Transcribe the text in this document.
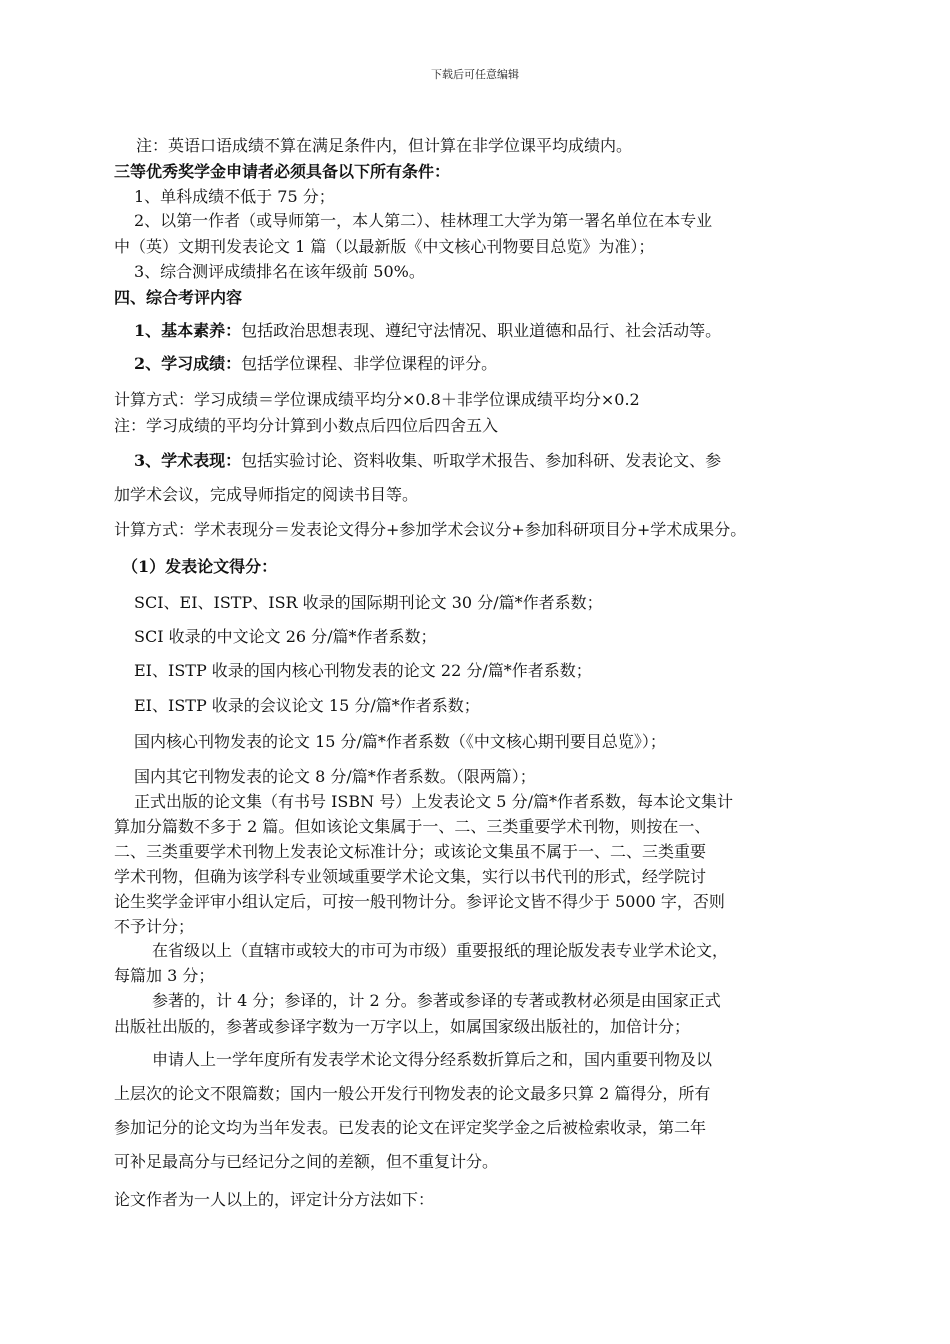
下载后可任意编辑
注：英语口语成绩不算在满足条件内，但计算在非学位课平均成绩内。
三等优秀奖学金申请者必须具备以下所有条件：
1、单科成绩不低于 75 分；
2、以第一作者（或导师第一，本人第二）、桂林理工大学为第一署名单位在本专业
中（英）文期刊发表论文 1 篇（以最新版《中文核心刊物要目总览》为准）；
3、综合测评成绩排名在该年级前 50%。
四、综合考评内容
1、基本素养：包括政治思想表现、遵纪守法情况、职业道德和品行、社会活动等。
2、学习成绩：包括学位课程、非学位课程的评分。
计算方式：学习成绩＝学位课成绩平均分×0.8＋非学位课成绩平均分×0.2
注：学习成绩的平均分计算到小数点后四位后四舍五入
3、学术表现：包括实验讨论、资料收集、听取学术报告、参加科研、发表论文、参
加学术会议，完成导师指定的阅读书目等。
计算方式：学术表现分＝发表论文得分+参加学术会议分+参加科研项目分+学术成果分。
（1）发表论文得分：
SCI、EI、ISTP、ISR 收录的国际期刊论文 30 分/篇*作者系数；
SCI 收录的中文论文 26 分/篇*作者系数；
EI、ISTP 收录的国内核心刊物发表的论文 22 分/篇*作者系数；
EI、ISTP 收录的会议论文 15 分/篇*作者系数；
国内核心刊物发表的论文 15 分/篇*作者系数（《中文核心期刊要目总览》）；
国内其它刊物发表的论文 8 分/篇*作者系数。（限两篇）；
正式出版的论文集（有书号 ISBN 号）上发表论文 5 分/篇*作者系数，每本论文集计
算加分篇数不多于 2 篇。但如该论文集属于一、二、三类重要学术刊物，则按在一、
二、三类重要学术刊物上发表论文标准计分；或该论文集虽不属于一、二、三类重要
学术刊物，但确为该学科专业领域重要学术论文集，实行以书代刊的形式，经学院讨
论生奖学金评审小组认定后，可按一般刊物计分。参评论文皆不得少于 5000 字，否则
不予计分；
在省级以上（直辖市或较大的市可为市级）重要报纸的理论版发表专业学术论文，
每篇加 3 分；
参著的，计 4 分；参译的，计 2 分。参著或参译的专著或教材必须是由国家正式
出版社出版的，参著或参译字数为一万字以上，如属国家级出版社的，加倍计分；
申请人上一学年度所有发表学术论文得分经系数折算后之和，国内重要刊物及以
上层次的论文不限篇数；国内一般公开发行刊物发表的论文最多只算 2 篇得分，所有
参加记分的论文均为当年发表。已发表的论文在评定奖学金之后被检索收录，第二年
可补足最高分与已经记分之间的差额，但不重复计分。
论文作者为一人以上的，评定计分方法如下：
